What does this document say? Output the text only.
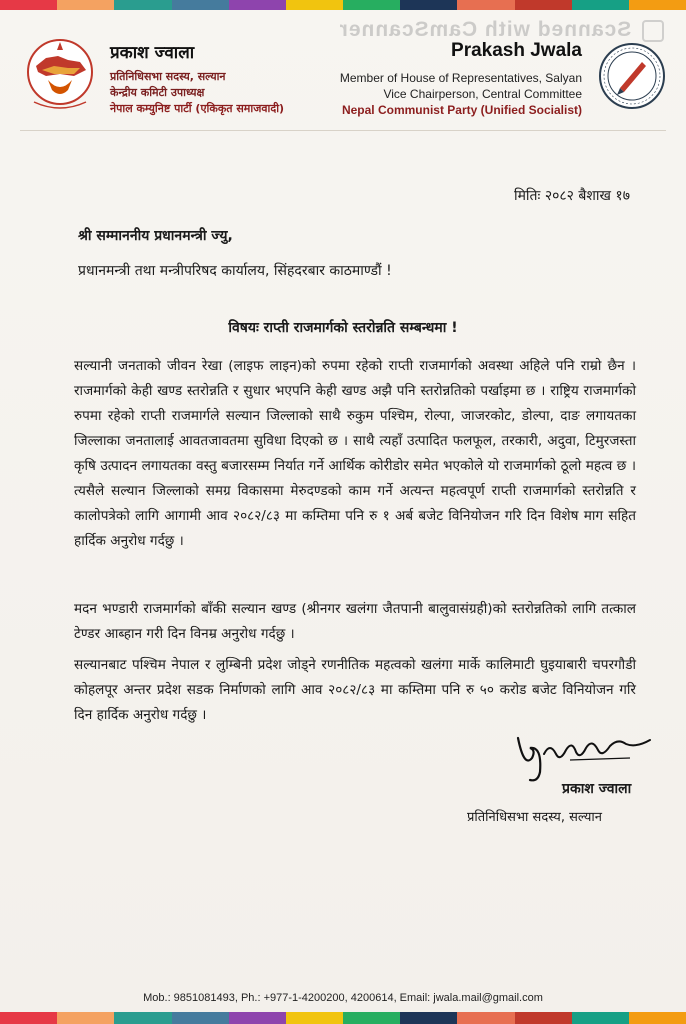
Scanned with CamScanner
प्रकाश ज्वाला
प्रतिनिधिसभा सदस्य, सल्यान
केन्द्रीय कमिटी उपाध्यक्ष
नेपाल कम्युनिष्ट पार्टी (एकिकृत समाजवादी)
Prakash Jwala
Member of House of Representatives, Salyan
Vice Chairperson, Central Committee
Nepal Communist Party (Unified Socialist)
मितिः २०८२ बैशाख १७
श्री सम्माननीय प्रधानमन्त्री ज्यु,
प्रधानमन्त्री तथा मन्त्रीपरिषद कार्यालय, सिंहदरबार काठमाण्डौं !
विषयः राप्ती राजमार्गको स्तरोन्नति सम्बन्धमा !
सल्यानी जनताको जीवन रेखा (लाइफ लाइन)को रुपमा रहेको राप्ती राजमार्गको अवस्था अहिले पनि राम्रो छैन । राजमार्गको केही खण्ड स्तरोन्नति र सुधार भएपनि केही खण्ड अझै पनि स्तरोन्नतिको पर्खाइमा छ । राष्ट्रिय राजमार्गको रुपमा रहेको राप्ती राजमार्गले सल्यान जिल्लाको साथै रुकुम पश्चिम, रोल्पा, जाजरकोट, डोल्पा, दाङ लगायतका जिल्लाका जनतालाई आवतजावतमा सुविधा दिएको छ । साथै त्यहाँ उत्पादित फलफूल, तरकारी, अदुवा, टिमुरजस्ता कृषि उत्पादन लगायतका वस्तु बजारसम्म निर्यात गर्ने आर्थिक कोरीडोर समेत भएकोले यो राजमार्गको ठूलो महत्व छ । त्यसैले सल्यान जिल्लाको समग्र विकासमा मेरुदण्डको काम गर्ने अत्यन्त महत्वपूर्ण राप्ती राजमार्गको स्तरोन्नति र कालोपत्रेको लागि आगामी आव २०८२/८३ मा कम्तिमा पनि रु १ अर्ब बजेट विनियोजन गरि दिन विशेष माग सहित हार्दिक अनुरोध गर्दछु ।
मदन भण्डारी राजमार्गको बाँकी सल्यान खण्ड (श्रीनगर खलंगा जैतपानी बालुवासंग्रही)को स्तरोन्नतिको लागि तत्काल टेण्डर आब्हान गरी दिन विनम्र अनुरोध गर्दछु ।
सल्यानबाट पश्चिम नेपाल र लुम्बिनी प्रदेश जोड्ने रणनीतिक महत्वको खलंगा मार्के कालिमाटी घुइयाबारी चपरगौडी कोहलपूर अन्तर प्रदेश सडक निर्माणको लागि आव २०८२/८३ मा कम्तिमा पनि रु ५० करोड बजेट विनियोजन गरि दिन हार्दिक अनुरोध गर्दछु ।
प्रकाश ज्वाला
प्रतिनिधिसभा सदस्य, सल्यान
Mob.: 9851081493, Ph.: +977-1-4200200, 4200614, Email: jwala.mail@gmail.com
